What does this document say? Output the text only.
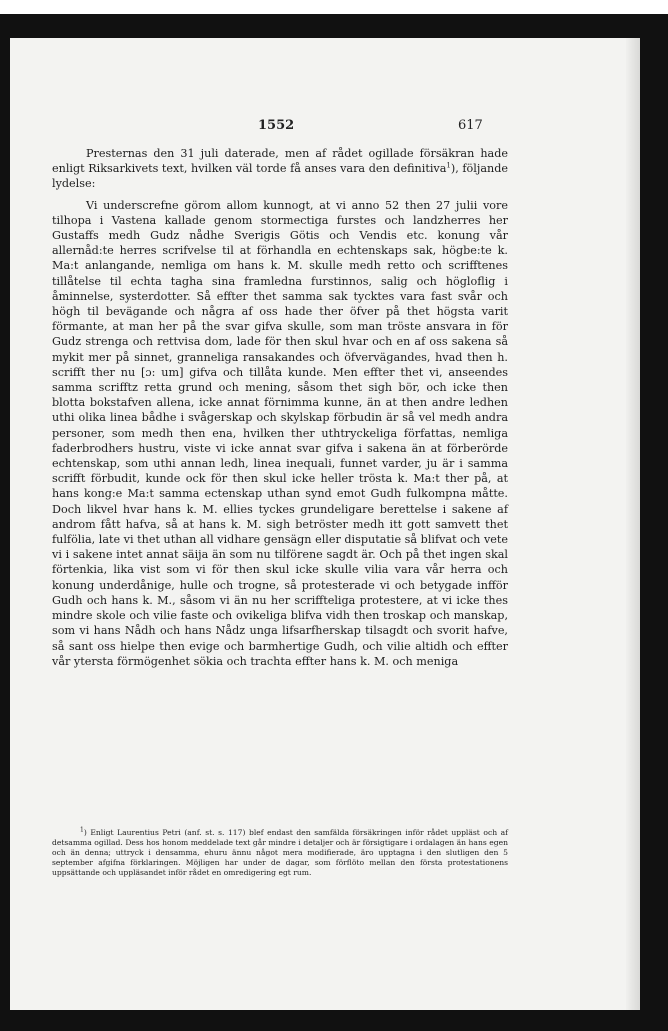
1552	617

Presternas den 31 juli daterade, men af rådet ogillade försäkran hade enligt Riksarkivets text, hvilken väl torde få anses vara den definitiva$^1$), följande lydelse:

Vi underscrefne görom allom kunnogt, at vi anno 52 then 27 julii vore tilhopa i Vastena kallade genom stormectiga furstes och landzherres her Gustaffs medh Gudz nådhe Sverigis Götis och Vendis etc. konung vår allernåd:te herres scrifvelse til at förhandla en echtenskaps sak, högbe:te k. Ma:t anlangande, nemliga om hans k. M. skulle medh retto och scrifftenes tillåtelse til echta tagha sina framledna furstinnos, salig och högloflig i åminnelse, systerdotter. Så effter thet samma sak tycktes vara fast svår och högh til bevägande och några af oss hade ther öfver på thet högsta varit förmante, at man her på the svar gifva skulle, som man tröste ansvara in för Gudz strenga och rettvisa dom, lade för then skul hvar och en af oss sakena så mykit mer på sinnet, granneliga ransakandes och öfvervägandes, hvad then h. scrifft ther nu [ɔ: um] gifva och tillåta kunde. Men effter thet vi, anseendes samma scrifftz retta grund och mening, såsom thet sigh bör, och icke then blotta bokstafven allena, icke annat förnimma kunne, än at then andre ledhen uthi olika linea bådhe i svågerskap och skylskap förbudin är så vel medh andra personer, som medh then ena, hvilken ther uthtryckeliga författas, nemliga faderbrodhers hustru, viste vi icke annat svar gifva i sakena än at förberörde echtenskap, som uthi annan ledh, linea inequali, funnet varder, ju är i samma scrifft förbudit, kunde ock för then skul icke heller trösta k. Ma:t ther på, at hans kong:e Ma:t samma ectenskap uthan synd emot Gudh fulkompna måtte. Doch likvel hvar hans k. M. ellies tyckes grundeligare berettelse i sakene af androm fått hafva, så at hans k. M. sigh betröster medh itt gott samvett thet fulfölia, late vi thet uthan all vidhare gensägn eller disputatie så blifvat och vete vi i sakene intet annat säija än som nu tilförene sagdt är. Och på thet ingen skal förtenkia, lika vist som vi för then skul icke skulle vilia vara vår herra och konung underdånige, hulle och trogne, så protesterade vi och betygade infför Gudh och hans k. M., såsom vi än nu her scriffteliga protestere, at vi icke thes mindre skole och vilie faste och ovikeliga blifva vidh then troskap och manskap, som vi hans Nådh och hans Nådz unga lifsarfherskap tilsagdt och svorit hafve, så sant oss hielpe then evige och barmhertige Gudh, och vilie altidh och effter vår ytersta förmögenhet sökia och trachta effter hans k. M. och meniga

$^1$) Enligt Laurentius Petri (anf. st. s. 117) blef endast den samfälda försäkringen inför rådet uppläst och af detsamma ogillad. Dess hos honom meddelade text går mindre i detaljer och är försigtigare i ordalagen än hans egen och än denna; uttryck i densamma, ehuru ännu något mera modifierade, äro upptagna i den slutligen den 5 september afgifna förklaringen. Möjligen har under de dagar, som förflöto mellan den första protestationens uppsättande och uppläsandet inför rådet en omredigering egt rum.
